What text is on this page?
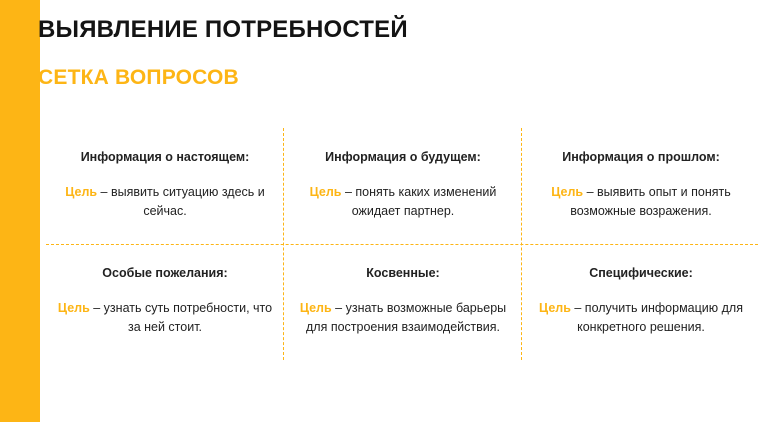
ВЫЯВЛЕНИЕ ПОТРЕБНОСТЕЙ
СЕТКА ВОПРОСОВ
Информация о настоящем:
Цель – выявить ситуацию здесь и сейчас.
Информация о будущем:
Цель – понять каких изменений ожидает партнер.
Информация о прошлом:
Цель – выявить опыт и понять возможные возражения.
Особые пожелания:
Цель – узнать суть потребности, что за ней стоит.
Косвенные:
Цель – узнать возможные барьеры для построения взаимодействия.
Специфические:
Цель – получить информацию для конкретного решения.
